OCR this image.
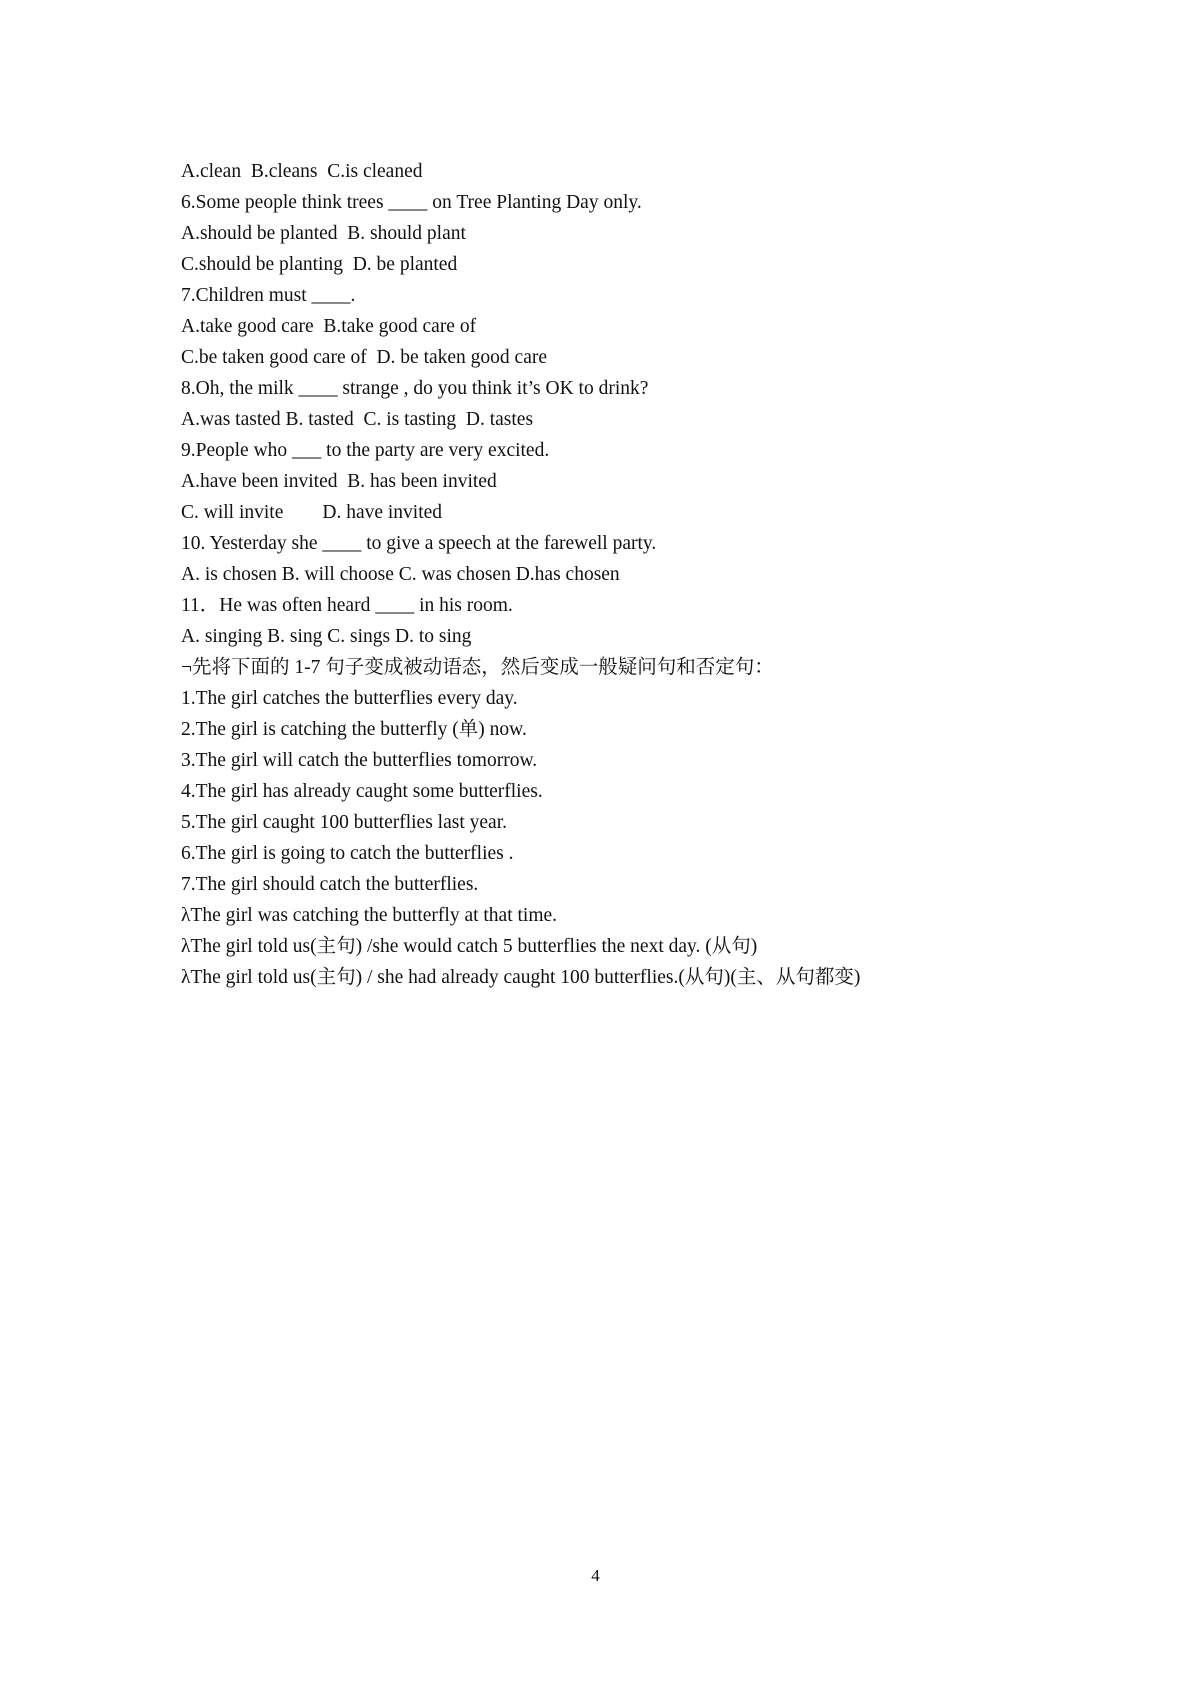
A.clean  B.cleans  C.is cleaned
6.Some people think trees ____ on Tree Planting Day only.
A.should be planted  B. should plant
C.should be planting  D. be planted
7.Children must ____.
A.take good care  B.take good care of
C.be taken good care of  D. be taken good care
8.Oh, the milk ____ strange , do you think it’s OK to drink?
A.was tasted B. tasted  C. is tasting  D. tastes
9.People who ___ to the party are very excited.
A.have been invited  B. has been invited
C. will invite        D. have invited
10. Yesterday she ____ to give a speech at the farewell party.
A. is chosen B. will choose C. was chosen D.has chosen
11．He was often heard ____ in his room.
A. singing B. sing C. sings D. to sing
¬先将下面的 1-7 句子变成被动语态，然后变成一般疑问句和否定句：
1.The girl catches the butterflies every day.
2.The girl is catching the butterfly (单) now.
3.The girl will catch the butterflies tomorrow.
4.The girl has already caught some butterflies.
5.The girl caught 100 butterflies last year.
6.The girl is going to catch the butterflies .
7.The girl should catch the butterflies.
λThe girl was catching the butterfly at that time.
λThe girl told us(主句) /she would catch 5 butterflies the next day. (从句)
λThe girl told us(主句) / she had already caught 100 butterflies.(从句)(主、从句都变)
4
